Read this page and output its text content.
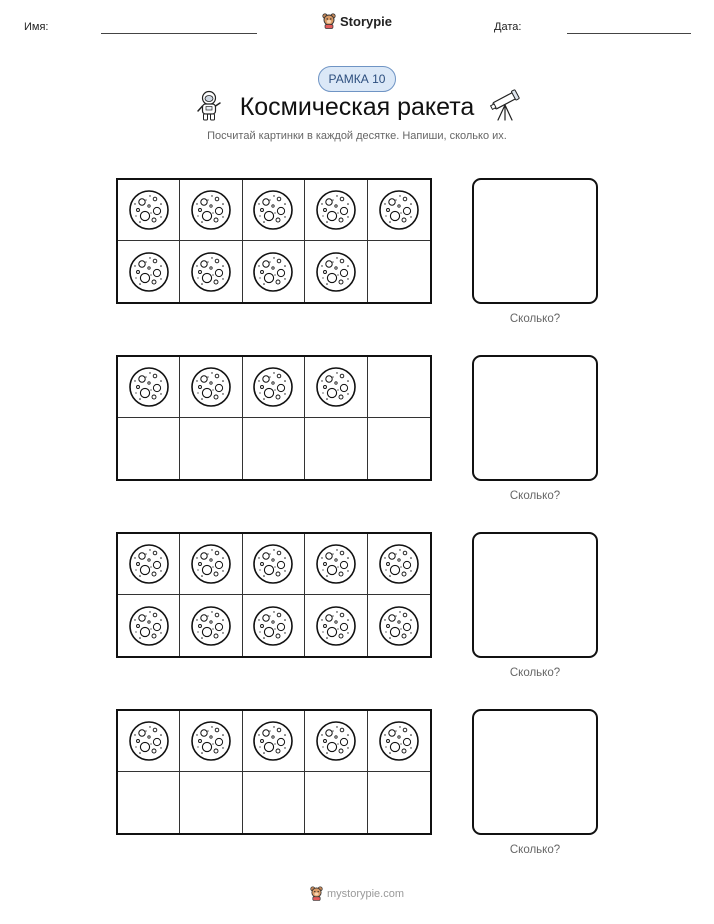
Имя:	Storypie	Дата:
РАМКА 10
Космическая ракета
Посчитай картинки в каждой десятке. Напиши, сколько их.
Сколько?
Сколько?
Сколько?
Сколько?
mystorypie.com
